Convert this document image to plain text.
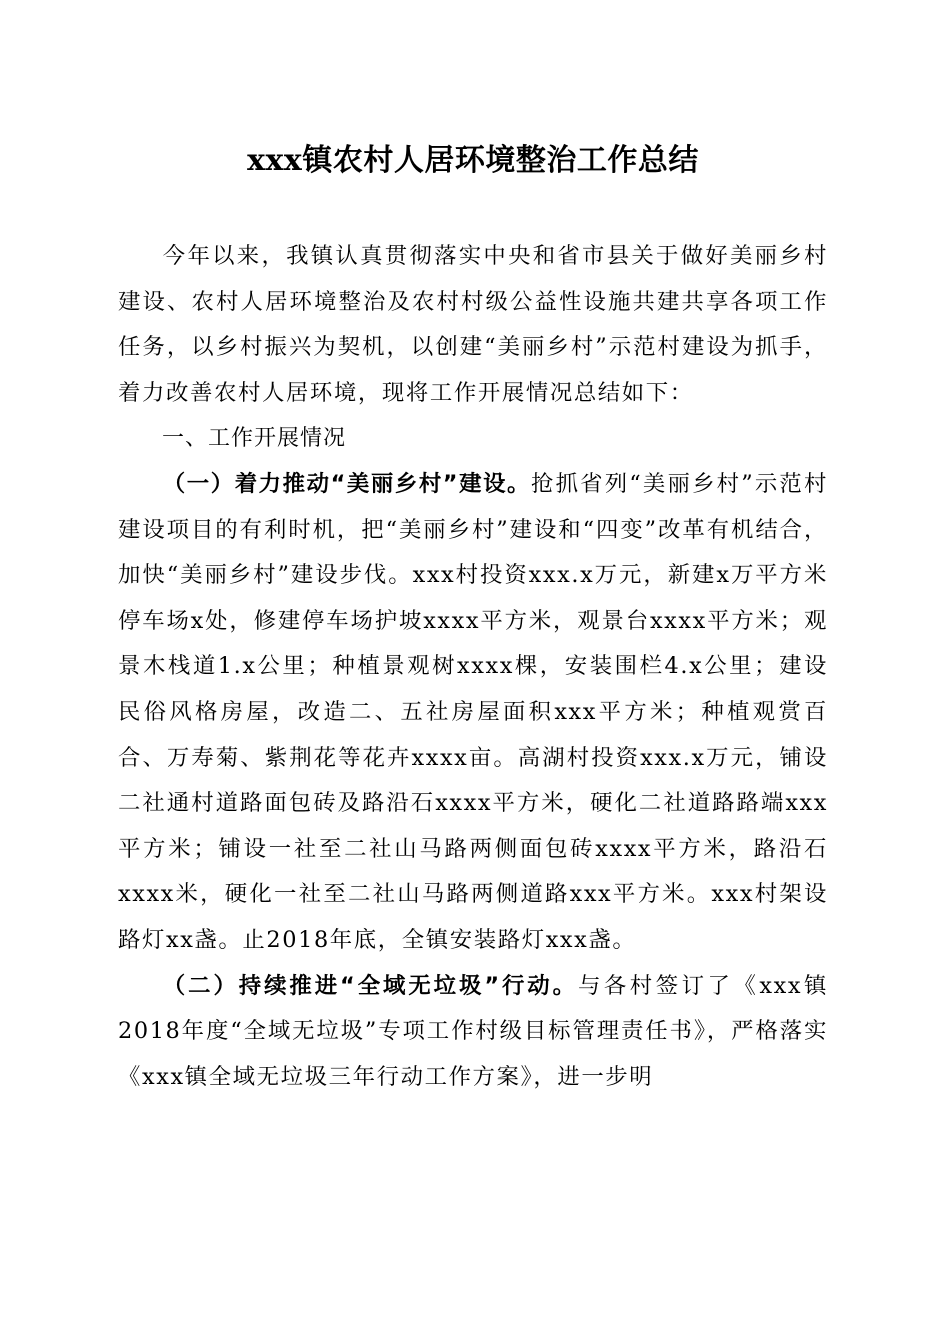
xxx镇农村人居环境整治工作总结

今年以来，我镇认真贯彻落实中央和省市县关于做好美丽乡村建设、农村人居环境整治及农村村级公益性设施共建共享各项工作任务，以乡村振兴为契机，以创建“美丽乡村”示范村建设为抓手，着力改善农村人居环境，现将工作开展情况总结如下：

一、工作开展情况

（一）着力推动“美丽乡村”建设。抢抓省列“美丽乡村”示范村建设项目的有利时机，把“美丽乡村”建设和“四变”改革有机结合，加快“美丽乡村”建设步伐。xxx村投资xxx.x万元，新建x万平方米停车场x处，修建停车场护坡xxxx平方米，观景台xxxx平方米；观景木栈道1.x公里；种植景观树xxxx棵，安装围栏4.x公里；建设民俗风格房屋，改造二、五社房屋面积xxx平方米；种植观赏百合、万寿菊、紫荆花等花卉xxxx亩。高湖村投资xxx.x万元，铺设二社通村道路面包砖及路沿石xxxx平方米，硬化二社道路路端xxx平方米；铺设一社至二社山马路两侧面包砖xxxx平方米，路沿石xxxx米，硬化一社至二社山马路两侧道路xxx平方米。xxx村架设路灯xx盏。止2018年底，全镇安装路灯xxx盏。

（二）持续推进“全域无垃圾”行动。与各村签订了《xxx镇2018年度“全域无垃圾”专项工作村级目标管理责任书》，严格落实《xxx镇全域无垃圾三年行动工作方案》，进一步明
